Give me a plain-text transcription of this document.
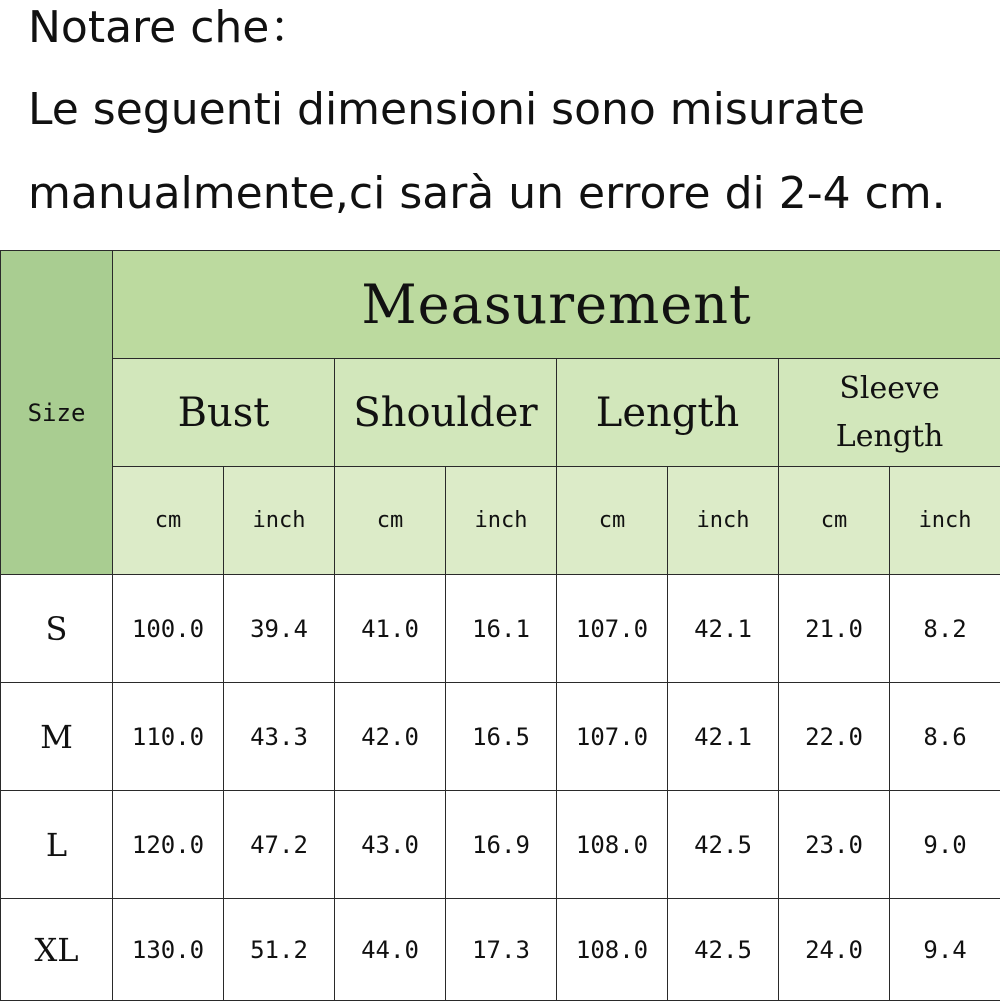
Notare che：
Le seguenti dimensioni sono misurate
manualmente,ci sarà un errore di 2-4 cm.
Size	Measurement							
	Bust		Shoulder		Length		Sleeve
Length	
	cm	inch	cm	inch	cm	inch	cm	inch
S	100.0	39.4	41.0	16.1	107.0	42.1	21.0	8.2
M	110.0	43.3	42.0	16.5	107.0	42.1	22.0	8.6
L	120.0	47.2	43.0	16.9	108.0	42.5	23.0	9.0
XL	130.0	51.2	44.0	17.3	108.0	42.5	24.0	9.4
